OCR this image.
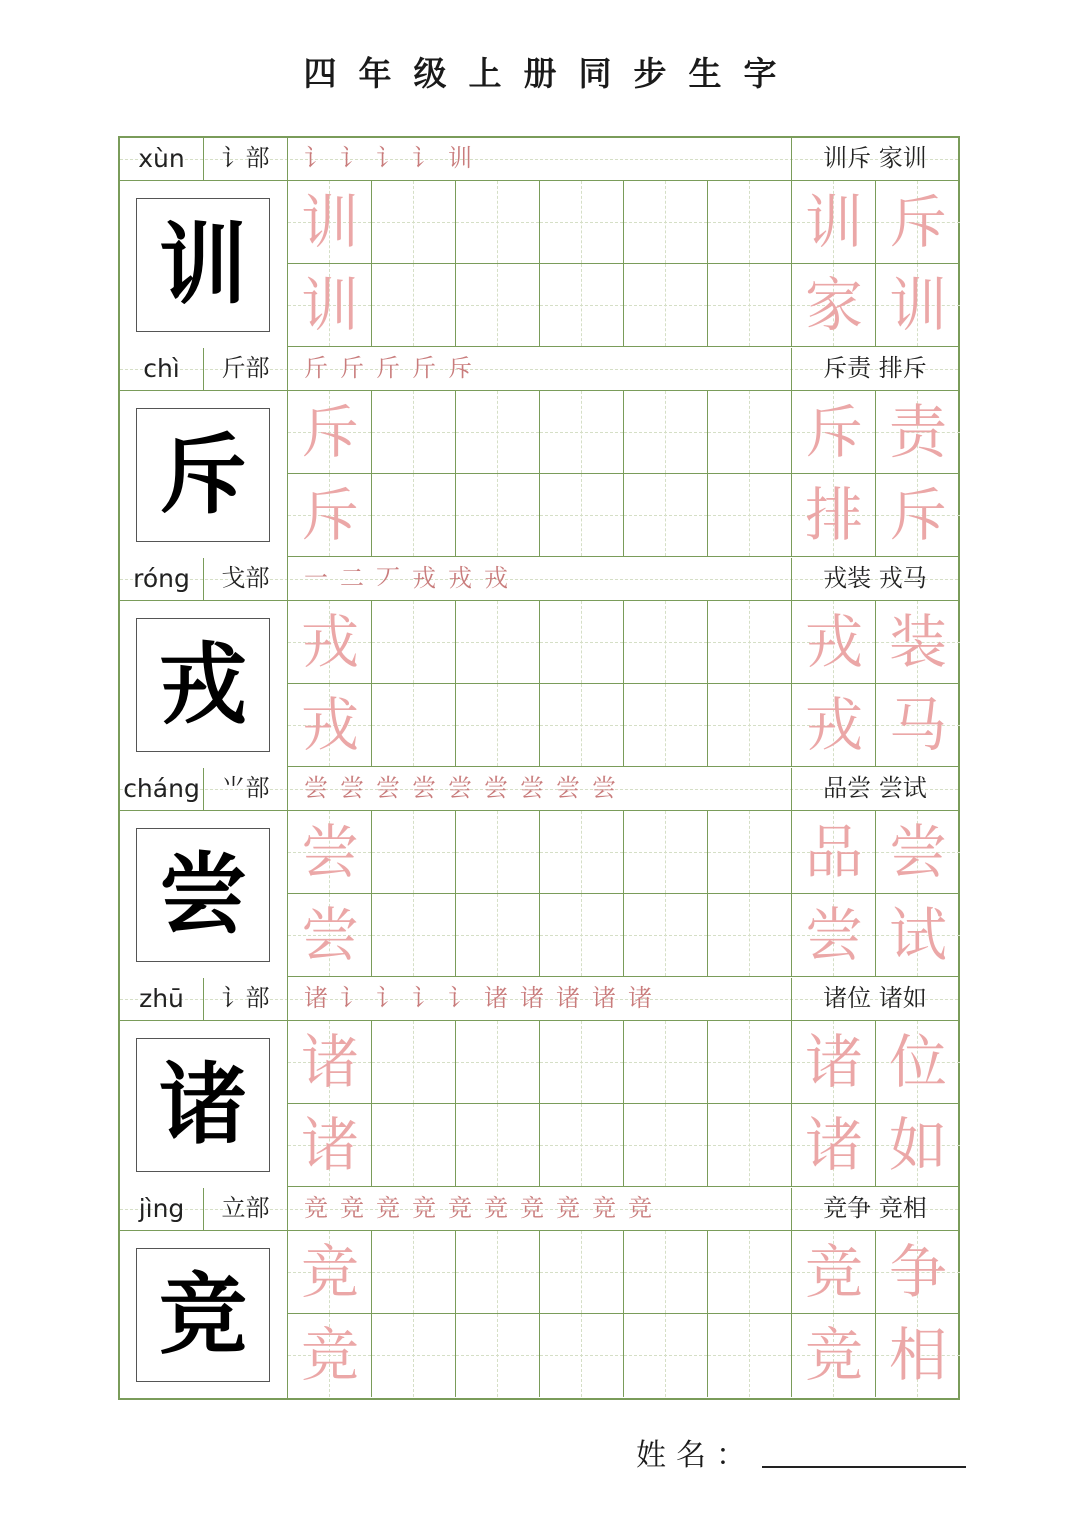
四年级上册同步生字
xùn	讠部	讠 讠 讠 讠 训	训斥 家训
训 训	训 斥
训	家 训
chì	斤部	斤 斤 斤 斤 斥	斥责 排斥
斥 斥	斥 责
斥	排 斥
róng	戈部	一 二 丆 戎 戎 戎	戎装 戎马
戎 戎	戎 装
戎	戎 马
cháng ⺌部	尝 尝 尝 尝 尝 尝 尝 尝 尝	品尝 尝试
尝 尝	品 尝
尝	尝 试
zhū	讠部	诸 讠 讠 讠 讠 诸 诸 诸 诸 诸	诸位 诸如
诸 诸	诸 位
诸	诸 如
jìng	立部	竞 竞 竞 竞 竞 竞 竞 竞 竞 竞	竞争 竞相
竞 竞	竞 争
竞	竞 相
姓名：
